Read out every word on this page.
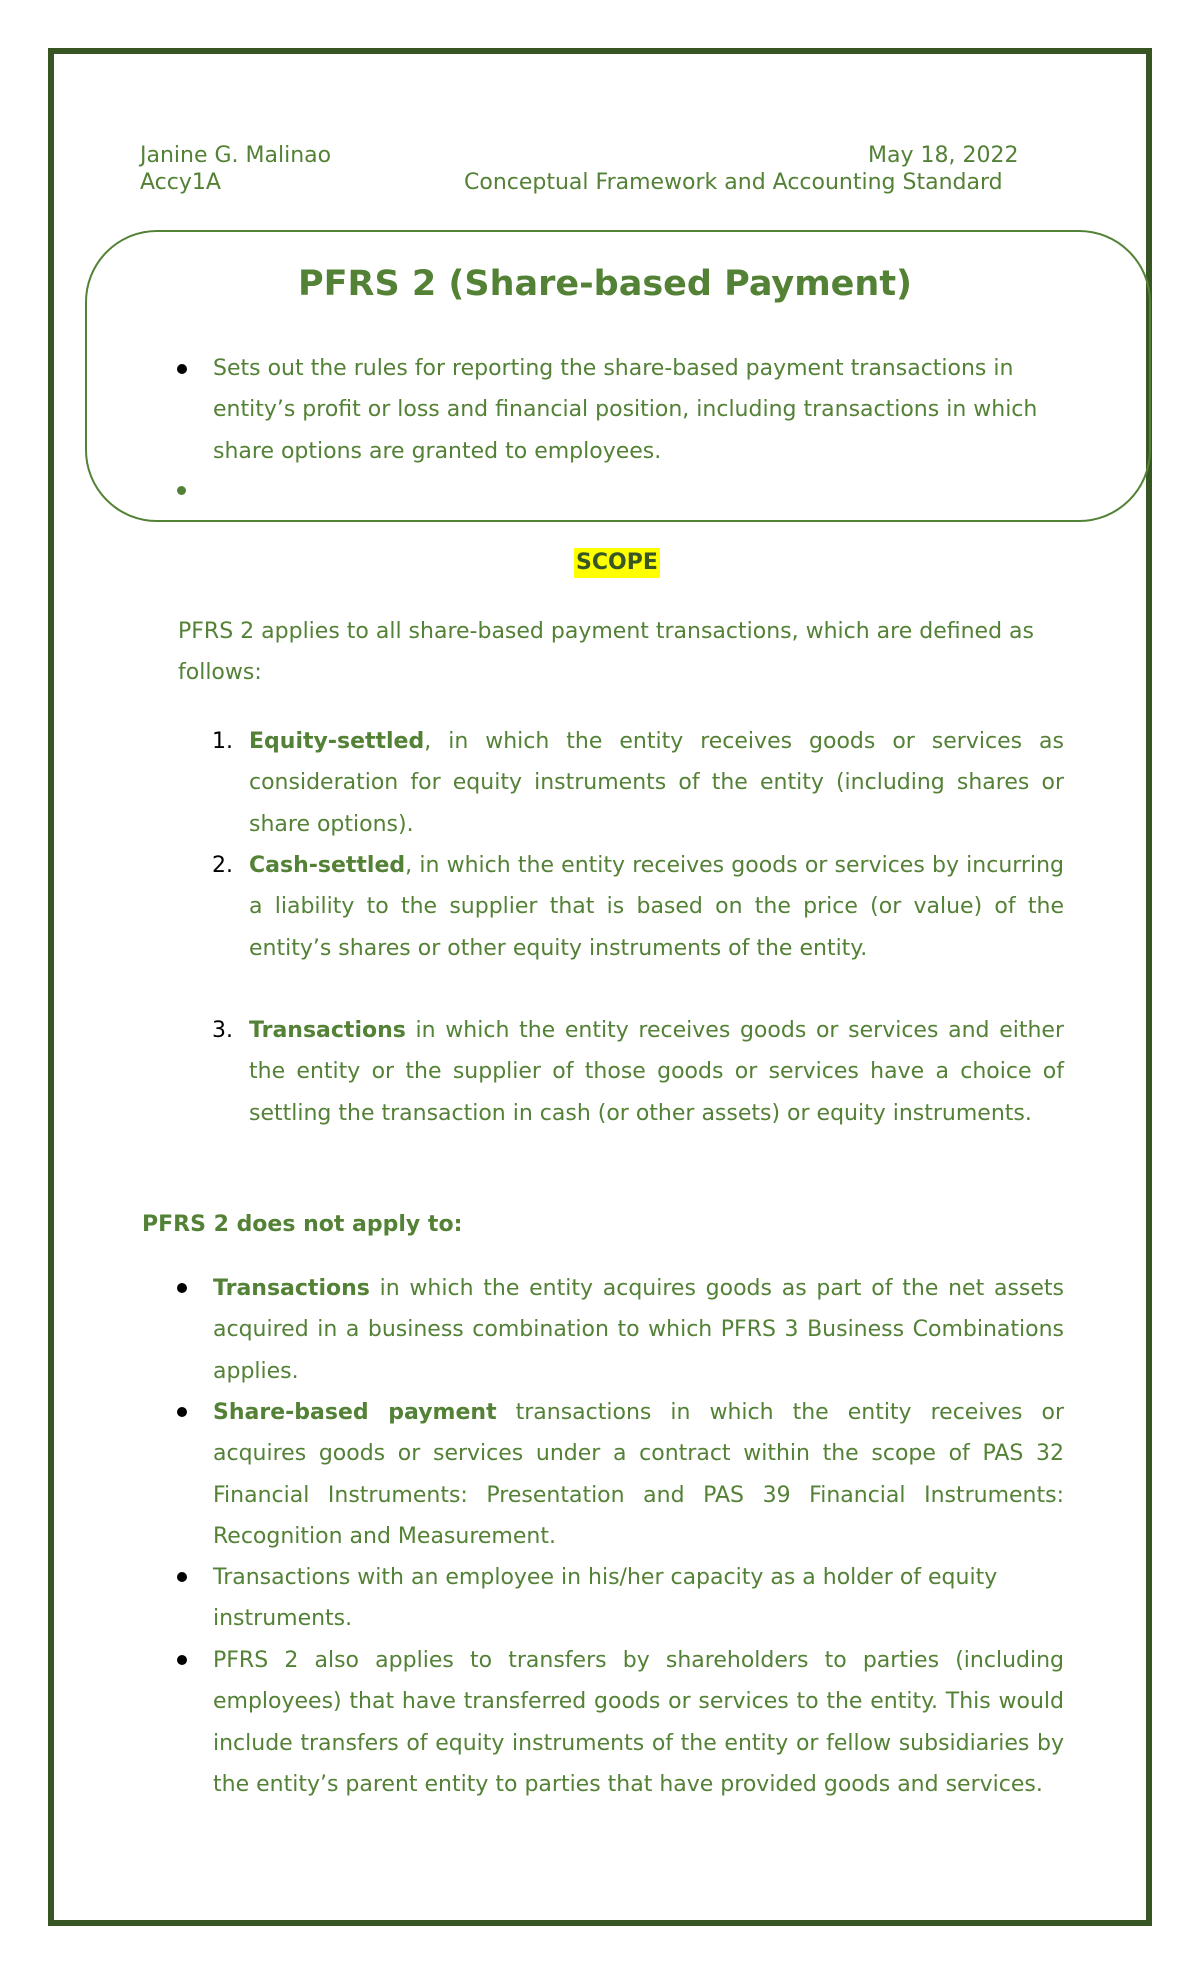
Janine G. Malinao	May 18, 2022
Accy1A	Conceptual Framework and Accounting Standard
PFRS 2 (Share-based Payment)
Sets out the rules for reporting the share-based payment transactions in entity’s profit or loss and financial position, including transactions in which share options are granted to employees.
SCOPE
PFRS 2 applies to all share-based payment transactions, which are defined as follows:
1. Equity-settled, in which the entity receives goods or services as consideration for equity instruments of the entity (including shares or share options).
2. Cash-settled, in which the entity receives goods or services by incurring a liability to the supplier that is based on the price (or value) of the entity’s shares or other equity instruments of the entity.
3. Transactions in which the entity receives goods or services and either the entity or the supplier of those goods or services have a choice of settling the transaction in cash (or other assets) or equity instruments.
PFRS 2 does not apply to:
Transactions in which the entity acquires goods as part of the net assets acquired in a business combination to which PFRS 3 Business Combinations applies.
Share-based payment transactions in which the entity receives or acquires goods or services under a contract within the scope of PAS 32 Financial Instruments: Presentation and PAS 39 Financial Instruments: Recognition and Measurement.
Transactions with an employee in his/her capacity as a holder of equity instruments.
PFRS 2 also applies to transfers by shareholders to parties (including employees) that have transferred goods or services to the entity. This would include transfers of equity instruments of the entity or fellow subsidiaries by the entity’s parent entity to parties that have provided goods and services.
